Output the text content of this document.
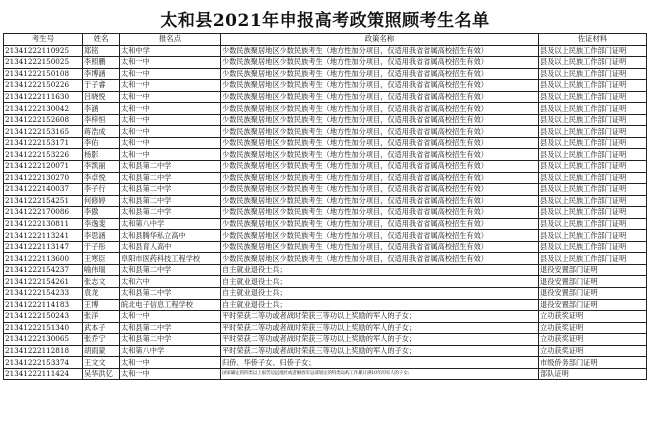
太和县2021年申报高考政策照顾考生名单
考生号	姓名	报名点	政策名称	佐证材料
21341222110925	郑铭	太和中学	少数民族聚居地区少数民族考生（地方性加分项目，仅适用我省省属高校招生有效）	县及以上民族工作部门证明
21341222150025	李照鹏	太和一中	少数民族聚居地区少数民族考生（地方性加分项目，仅适用我省省属高校招生有效）	县及以上民族工作部门证明
21341222150108	李博涵	太和一中	少数民族聚居地区少数民族考生（地方性加分项目，仅适用我省省属高校招生有效）	县及以上民族工作部门证明
21341222150226	于子睿	太和一中	少数民族聚居地区少数民族考生（地方性加分项目，仅适用我省省属高校招生有效）	县及以上民族工作部门证明
21341222111630	吕晓悦	太和一中	少数民族聚居地区少数民族考生（地方性加分项目，仅适用我省省属高校招生有效）	县及以上民族工作部门证明
21341222130042	李涵	太和一中	少数民族聚居地区少数民族考生（地方性加分项目，仅适用我省省属高校招生有效）	县及以上民族工作部门证明
21341222152608	李梓恒	太和一中	少数民族聚居地区少数民族考生（地方性加分项目，仅适用我省省属高校招生有效）	县及以上民族工作部门证明
21341222153165	蒋浩成	太和一中	少数民族聚居地区少数民族考生（地方性加分项目，仅适用我省省属高校招生有效）	县及以上民族工作部门证明
21341222153171	李佑	太和一中	少数民族聚居地区少数民族考生（地方性加分项目，仅适用我省省属高校招生有效）	县及以上民族工作部门证明
21341222153226	杨影	太和一中	少数民族聚居地区少数民族考生（地方性加分项目，仅适用我省省属高校招生有效）	县及以上民族工作部门证明
21341222120071	李凯丽	太和县第二中学	少数民族聚居地区少数民族考生（地方性加分项目，仅适用我省省属高校招生有效）	县及以上民族工作部门证明
21341222130270	李卓悦	太和县第二中学	少数民族聚居地区少数民族考生（地方性加分项目，仅适用我省省属高校招生有效）	县及以上民族工作部门证明
21341222140037	李子行	太和县第二中学	少数民族聚居地区少数民族考生（地方性加分项目，仅适用我省省属高校招生有效）	县及以上民族工作部门证明
21341222154251	何修婷	太和县第二中学	少数民族聚居地区少数民族考生（地方性加分项目，仅适用我省省属高校招生有效）	县及以上民族工作部门证明
21341222170086	李傲	太和县第二中学	少数民族聚居地区少数民族考生（地方性加分项目，仅适用我省省属高校招生有效）	县及以上民族工作部门证明
21341222130811	李逸斐	太和第八中学	少数民族聚居地区少数民族考生（地方性加分项目，仅适用我省省属高校招生有效）	县及以上民族工作部门证明
21341222113241	李思涵	太和县腾华私立高中	少数民族聚居地区少数民族考生（地方性加分项目，仅适用我省省属高校招生有效）	县及以上民族工作部门证明
21341222113147	于子彤	太和县育人高中	少数民族聚居地区少数民族考生（地方性加分项目，仅适用我省省属高校招生有效）	县及以上民族工作部门证明
21341222113600	王寒臣	阜阳市医药科技工程学校	少数民族聚居地区少数民族考生（地方性加分项目，仅适用我省省属高校招生有效）	县及以上民族工作部门证明
21341222154237	喻伟瑞	太和县第二中学	自主就业退役士兵；	退役安置部门证明
21341222154261	张志文	太和六中	自主就业退役士兵；	退役安置部门证明
21341222154233	袁龙	太和县第二中学	自主就业退役士兵；	退役安置部门证明
21341222114183	王博	皖北电子信息工程学校	自主就业退役士兵；	退役安置部门证明
21341222150243	张洋	太和一中	平时荣获二等功或者战时荣获三等功以上奖励的军人的子女；	立功获奖证明
21341222151340	武本子	太和县第二中学	平时荣获二等功或者战时荣获三等功以上奖励的军人的子女；	立功获奖证明
21341222130065	张乔宁	太和县第二中学	平时荣获二等功或者战时荣获三等功以上奖励的军人的子女；	立功获奖证明
21341222112818	胡雨蒙	太和第八中学	平时荣获二等功或者战时荣获三等功以上奖励的军人的子女；	立功获奖证明
21341222153374	王文文	太和一中	归侨、华侨子女、归侨子女；	市级侨务部门证明
21341222111424	吴华洪亿	太和一中	国家确定的四类以上艰苦边远地区或者解放军总部划定的特类岛屿工作累计满10年的军人的子女；	部队证明
